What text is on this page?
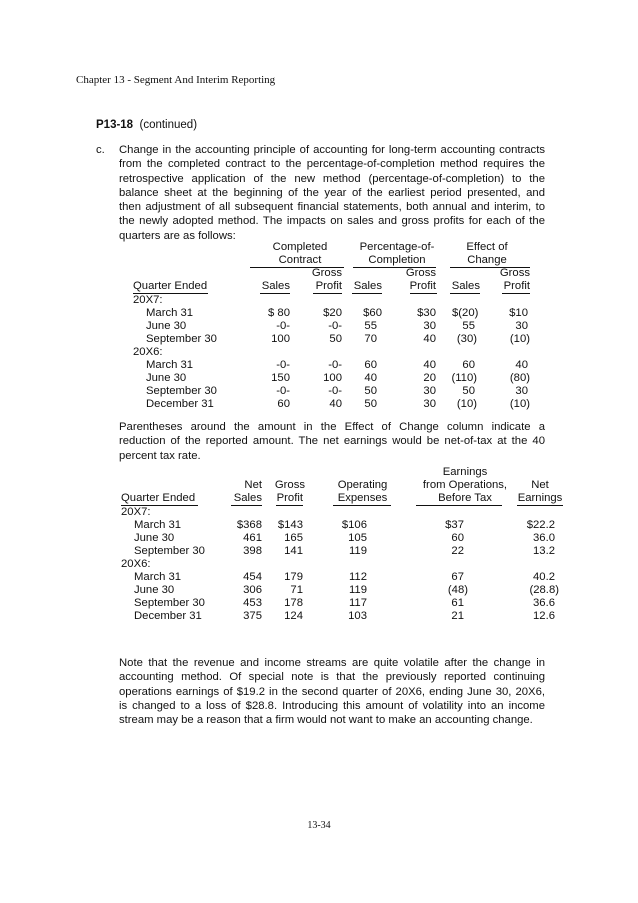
Chapter 13 - Segment And Interim Reporting
P13-18 (continued)
c. Change in the accounting principle of accounting for long-term accounting contracts
from the completed contract to the percentage-of-completion method requires the
retrospective application of the new method (percentage-of-completion) to the
balance sheet at the beginning of the year of the earliest period presented, and
then adjustment of all subsequent financial statements, both annual and interim, to
the newly adopted method. The impacts on sales and gross profits for each of the
quarters are as follows:
Completed
Contract
Percentage-of-
Completion
Effect of
Change
Quarter Ended	Sales
Gross
Profit	Sales
Gross
Profit	Sales
Gross
Profit
20X7:
March 31	$ 80	$20	$60	$30 $(20)	$10
June 30	-0-	-0-	55	30	55	30
September 30	100	50	70	40	(30)	(10)
20X6:
March 31	-0-	-0-	60	40	60	40
June 30	150	100	40	20	(110)	(80)
September 30	-0-	-0-	50	30	50	30
December 31	60	40	50	30	(10)	(10)
Parentheses around the amount in the Effect of Change column indicate a
reduction of the reported amount. The net earnings would be net-of-tax at the 40
percent tax rate.
Earnings
from Operations,
Before Tax
Net
Sales
Gross
Profit
Operating
Expenses
Net
Earnings
Quarter Ended
20X7:
March 31	$368	$143	$106	$37	$22.2
June 30	461	165	105	60	36.0
September 30	398	141	119	22	13.2
20X6:
March 31	454	179	112	67	40.2
June 30	306	71	119	(48)	(28.8)
September 30	453	178	117	61	36.6
December 31	375	124	103	21	12.6
Note that the revenue and income streams are quite volatile after the change in
accounting method. Of special note is that the previously reported continuing
operations earnings of $19.2 in the second quarter of 20X6, ending June 30, 20X6,
is changed to a loss of $28.8. Introducing this amount of volatility into an income
stream may be a reason that a firm would not want to make an accounting change.
13-34
